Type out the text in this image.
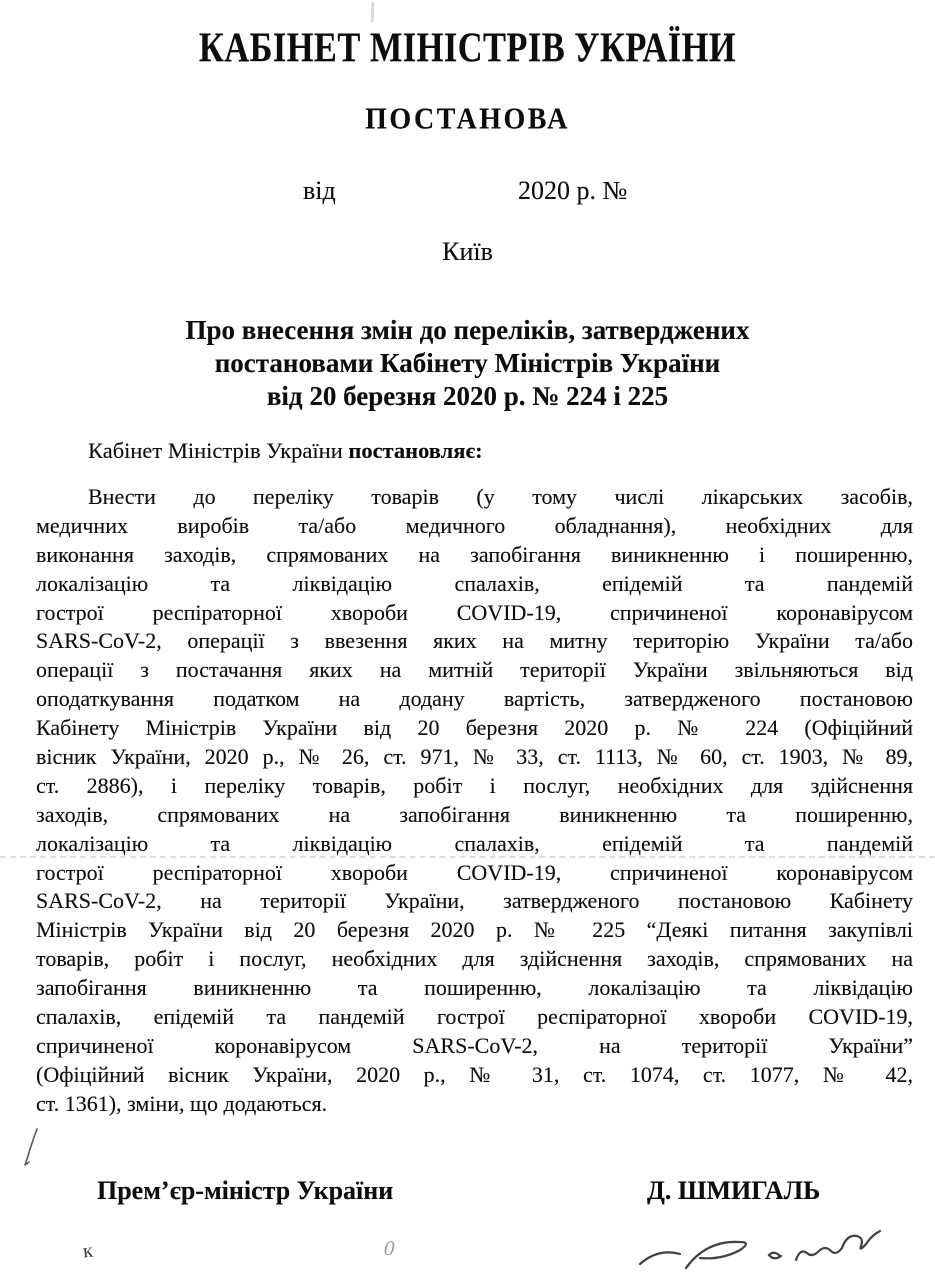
КАБІНЕТ МІНІСТРІВ УКРАЇНИ
ПОСТАНОВА
від	2020 р. №
Київ
Про внесення змін до переліків, затверджених
постановами Кабінету Міністрів України
від 20 березня 2020 р. № 224 і 225
Кабінет Міністрів України постановляє:
Внести до переліку товарів (у тому числі лікарських засобів,
медичних виробів та/або медичного обладнання), необхідних для
виконання заходів, спрямованих на запобігання виникненню і поширенню,
локалізацію та ліквідацію спалахів, епідемій та пандемій
гострої респіраторної хвороби COVID-19, спричиненої коронавірусом
SARS-CoV-2, операції з ввезення яких на митну територію України та/або
операції з постачання яких на митній території України звільняються від
оподаткування податком на додану вартість, затвердженого постановою
Кабінету Міністрів України від 20 березня 2020 р. № 224 (Офіційний
вісник України, 2020 р., № 26, ст. 971, № 33, ст. 1113, № 60, ст. 1903, № 89,
ст. 2886), і переліку товарів, робіт і послуг, необхідних для здійснення
заходів, спрямованих на запобігання виникненню та поширенню,
локалізацію та ліквідацію спалахів, епідемій та пандемій
гострої респіраторної хвороби COVID-19, спричиненої коронавірусом
SARS-CoV-2, на території України, затвердженого постановою Кабінету
Міністрів України від 20 березня 2020 р. № 225 “Деякі питання закупівлі
товарів, робіт і послуг, необхідних для здійснення заходів, спрямованих на
запобігання виникненню та поширенню, локалізацію та ліквідацію
спалахів, епідемій та пандемій гострої респіраторної хвороби COVID-19,
спричиненої коронавірусом SARS-CoV-2, на території України”
(Офіційний вісник України, 2020 р., № 31, ст. 1074, ст. 1077, № 42,
ст. 1361), зміни, що додаються.
Прем’єр-міністр України	Д. ШМИГАЛЬ
к	0
